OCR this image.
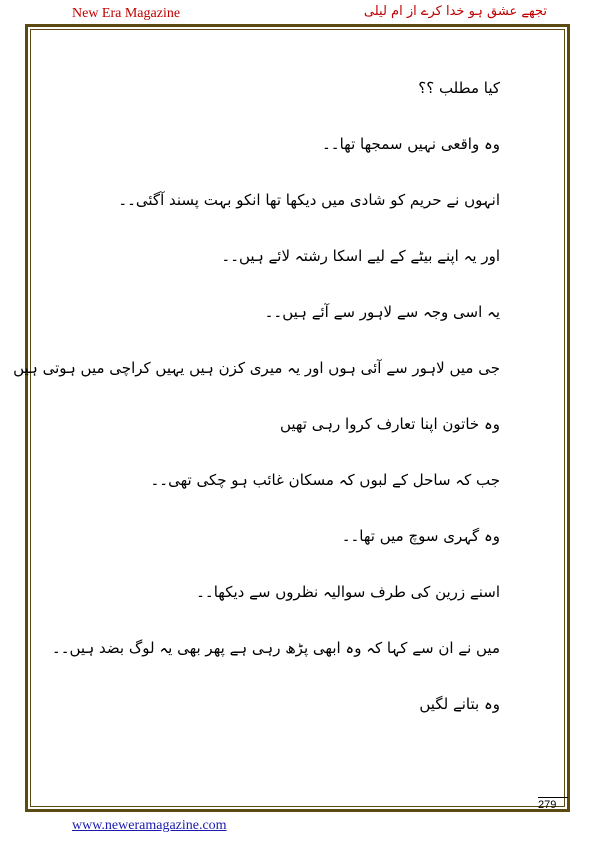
New Era Magazine	تجھے عشق ہو خدا کرے از ام لیلی
کیا مطلب ؟؟
وہ واقعی نہیں سمجھا تھا۔۔
انہوں نے حریم کو شادی میں دیکھا تھا انکو بہت پسند آگئی۔۔
اور یہ اپنے بیٹے کے لیے اسکا رشتہ لائے ہیں۔۔
یہ اسی وجہ سے لاہور سے آئے ہیں۔۔
جی میں لاہور سے آئی ہوں اور یہ میری کزن ہیں یہیں کراچی میں ہوتی ہیں
وہ خاتون اپنا تعارف کروا رہی تھیں
جب کہ ساحل کے لبوں کہ مسکان غائب ہو چکی تھی۔۔
وہ گہری سوچ میں تھا۔۔
اسنے زرین کی طرف سوالیہ نظروں سے دیکھا۔۔
میں نے ان سے کہا کہ وہ ابھی پڑھ رہی ہے پھر بھی یہ لوگ بضد ہیں۔۔
وہ بتانے لگیں
279
www.neweramagazine.com
